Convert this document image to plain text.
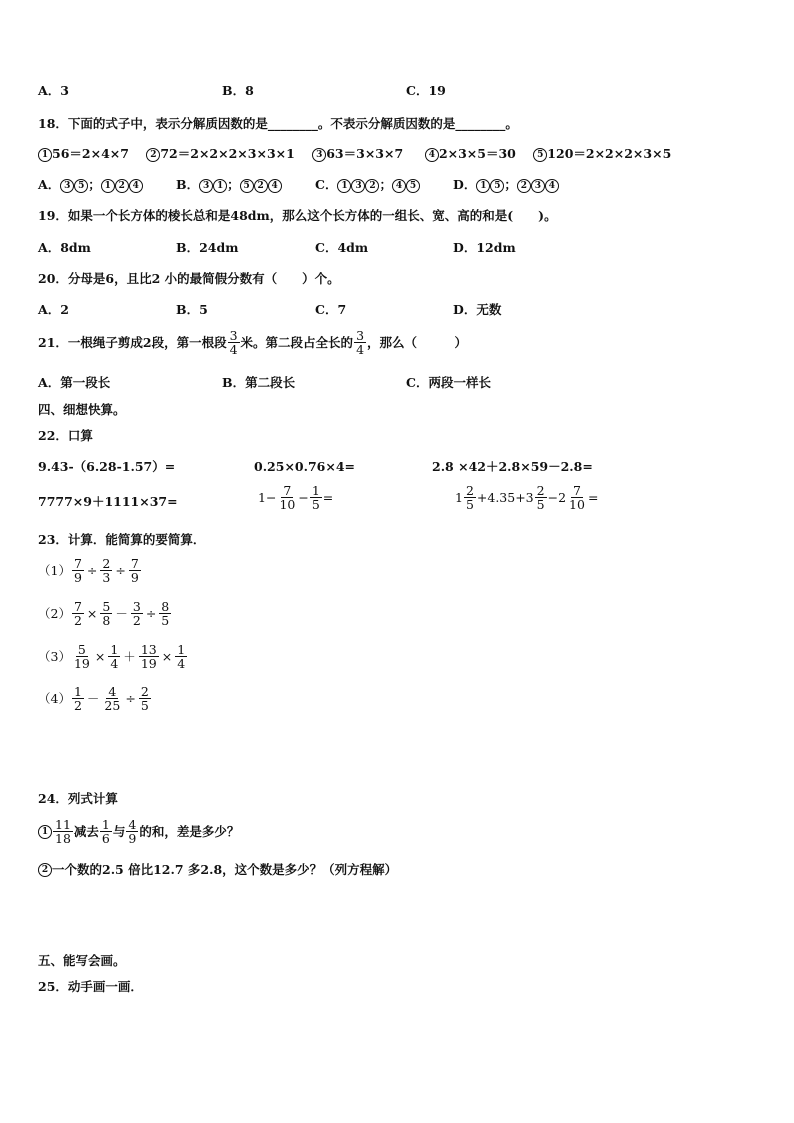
A．3	B．8	C．19
18．下面的式子中，表示分解质因数的是________。不表示分解质因数的是________。
1 56＝2×4×7 2 72＝2×2×2×3×3×1 3 63＝3×3×7	4 2×3×5＝30 5 120＝2×2×2×3×5
A． 3 5 ； 1 2 4	B． 3 1 ； 5 2 4	C． 1 3 2 ； 4 5	D． 1 5 ； 2 3 4
19．如果一个长方体的棱长总和是48dm，那么这个长方体的一组长、宽、高的和是(　　)。
A．8dm	B．24dm	C．4dm	D．12dm
20．分母是6，且比2 小的最简假分数有（　　）个。
A．2	B．5	C．7	D．无数
21．一根绳子剪成2段，第一根段 $\frac{3}{4}$ 米。第二段占全长的 $\frac{3}{4}$ ，那么（　　　）
A．第一段长	B．第二段长	C．两段一样长
四、细想快算。
22．口算
9.43-（6.28-1.57）=	0.25×0.76×4=	2.8 ×42＋2.8×59－2.8=
7777×9＋1111×37=	$1- \frac{7}{10} - \frac{1}{5}$ =	$1 \frac{2}{5} +4.35+3 \frac{2}{5} -2 \frac{7}{10}$ =
23．计算．能简算的要简算．
$(1) \frac{7}{9} \div \frac{2}{3} \div \frac{7}{9}$
$(2) \frac{7}{2} \times \frac{5}{8} - \frac{3}{2} \div \frac{8}{5}$
$(3) \frac{5}{19} \times \frac{1}{4} + \frac{13}{19} \times \frac{1}{4}$
$(4) \frac{1}{2} - \frac{4}{25} \div \frac{2}{5}$
24．列式计算
$1 \frac{11}{18}$ 减去 $\frac{1}{6}$ 与 $\frac{4}{9}$ 的和，差是多少？
2 一个数的2.5 倍比12.7 多2.8，这个数是多少？（列方程解）
五、能写会画。
25．动手画一画．
